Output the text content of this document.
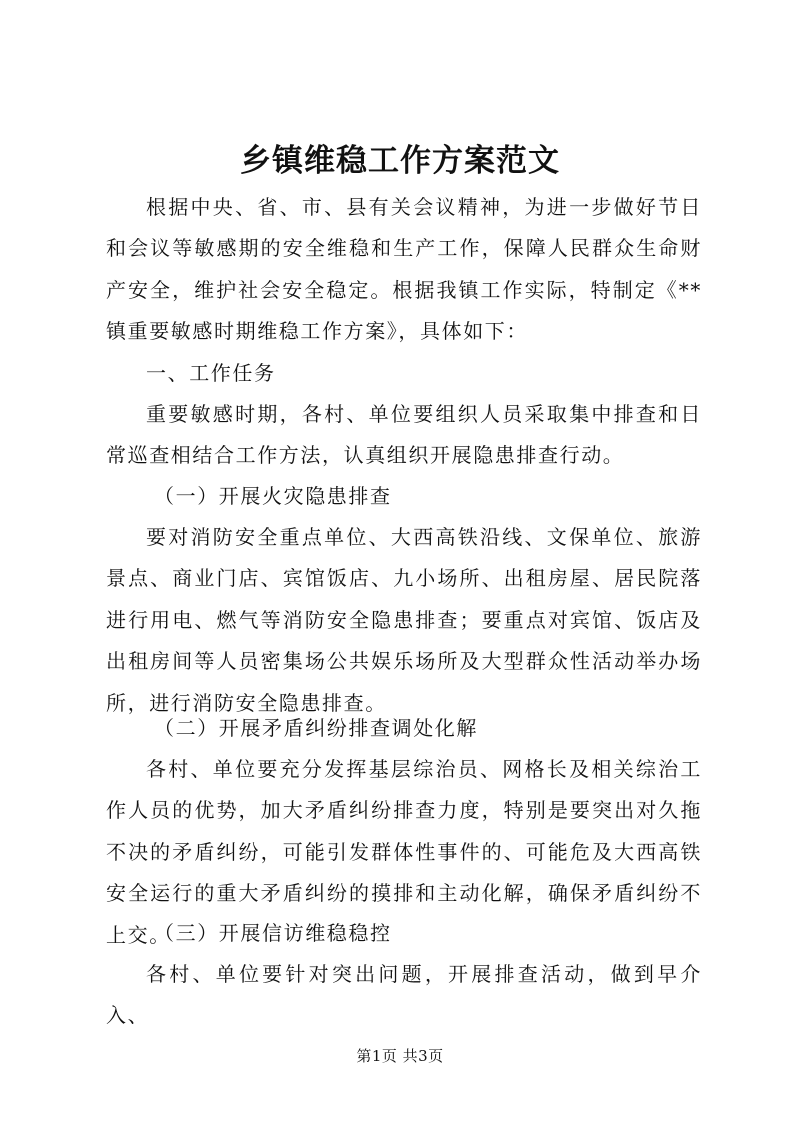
乡镇维稳工作方案范文

根据中央、省、市、县有关会议精神，为进一步做好节日和会议等敏感期的安全维稳和生产工作，保障人民群众生命财产安全，维护社会安全稳定。根据我镇工作实际，特制定《**镇重要敏感时期维稳工作方案》，具体如下：

一、工作任务

重要敏感时期，各村、单位要组织人员采取集中排查和日常巡查相结合工作方法，认真组织开展隐患排查行动。

（一）开展火灾隐患排查

要对消防安全重点单位、大西高铁沿线、文保单位、旅游景点、商业门店、宾馆饭店、九小场所、出租房屋、居民院落进行用电、燃气等消防安全隐患排查；要重点对宾馆、饭店及出租房间等人员密集场公共娱乐场所及大型群众性活动举办场所，进行消防安全隐患排查。

（二）开展矛盾纠纷排查调处化解

各村、单位要充分发挥基层综治员、网格长及相关综治工作人员的优势，加大矛盾纠纷排查力度，特别是要突出对久拖不决的矛盾纠纷，可能引发群体性事件的、可能危及大西高铁安全运行的重大矛盾纠纷的摸排和主动化解，确保矛盾纠纷不上交。

（三）开展信访维稳稳控

各村、单位要针对突出问题，开展排查活动，做到早介入、

第1页 共3页
